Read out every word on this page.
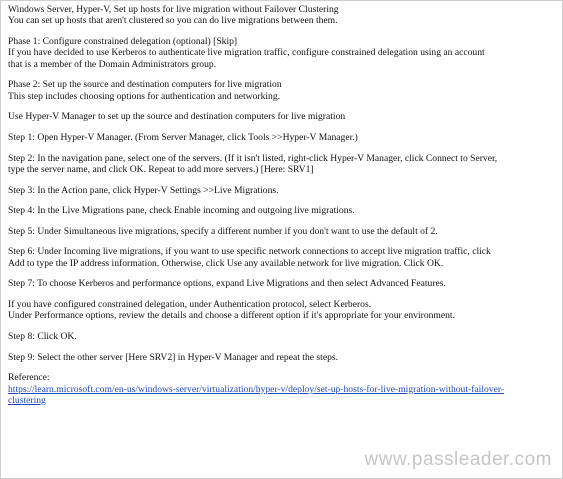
Windows Server, Hyper-V, Set up hosts for live migration without Failover Clustering
You can set up hosts that aren't clustered so you can do live migrations between them.
Phase 1: Configure constrained delegation (optional) [Skip]
If you have decided to use Kerberos to authenticate live migration traffic, configure constrained delegation using an account
that is a member of the Domain Administrators group.
Phase 2: Set up the source and destination computers for live migration
This step includes choosing options for authentication and networking.
Use Hyper-V Manager to set up the source and destination computers for live migration
Step 1: Open Hyper-V Manager. (From Server Manager, click Tools >>Hyper-V Manager.)
Step 2: In the navigation pane, select one of the servers. (If it isn't listed, right-click Hyper-V Manager, click Connect to Server,
type the server name, and click OK. Repeat to add more servers.) [Here: SRV1]
Step 3: In the Action pane, click Hyper-V Settings >>Live Migrations.
Step 4: In the Live Migrations pane, check Enable incoming and outgoing live migrations.
Step 5: Under Simultaneous live migrations, specify a different number if you don't want to use the default of 2.
Step 6: Under Incoming live migrations, if you want to use specific network connections to accept live migration traffic, click
Add to type the IP address information. Otherwise, click Use any available network for live migration. Click OK.
Step 7: To choose Kerberos and performance options, expand Live Migrations and then select Advanced Features.
If you have configured constrained delegation, under Authentication protocol, select Kerberos.
Under Performance options, review the details and choose a different option if it's appropriate for your environment.
Step 8: Click OK.
Step 9: Select the other server [Here SRV2] in Hyper-V Manager and repeat the steps.
Reference:
https://learn.microsoft.com/en-us/windows-server/virtualization/hyper-v/deploy/set-up-hosts-for-live-migration-without-failover-
clustering
www.passleader.com
